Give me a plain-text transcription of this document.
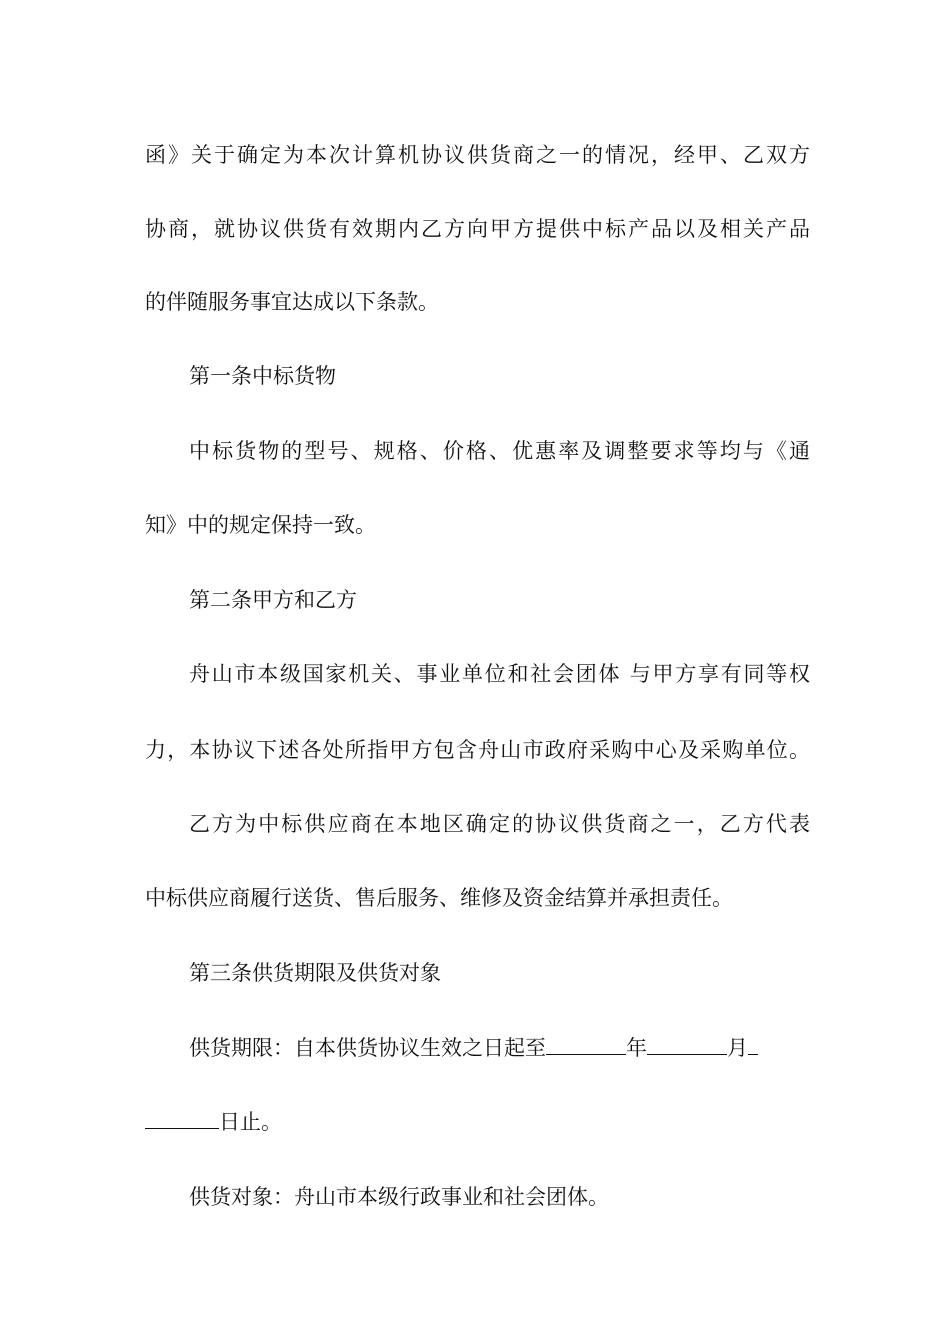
函》关于确定为本次计算机协议供货商之一的情况，经甲、乙双方
协商，就协议供货有效期内乙方向甲方提供中标产品以及相关产品
的伴随服务事宜达成以下条款。
第一条中标货物
中标货物的型号、规格、价格、优惠率及调整要求等均与《通
知》中的规定保持一致。
第二条甲方和乙方
舟山市本级国家机关、事业单位和社会团体 与甲方享有同等权
力，本协议下述各处所指甲方包含舟山市政府采购中心及采购单位。
乙方为中标供应商在本地区确定的协议供货商之一，乙方代表
中标供应商履行送货、售后服务、维修及资金结算并承担责任。
第三条供货期限及供货对象
供货期限：自本供货协议生效之日起至	年	月
日止。
供货对象：舟山市本级行政事业和社会团体。
